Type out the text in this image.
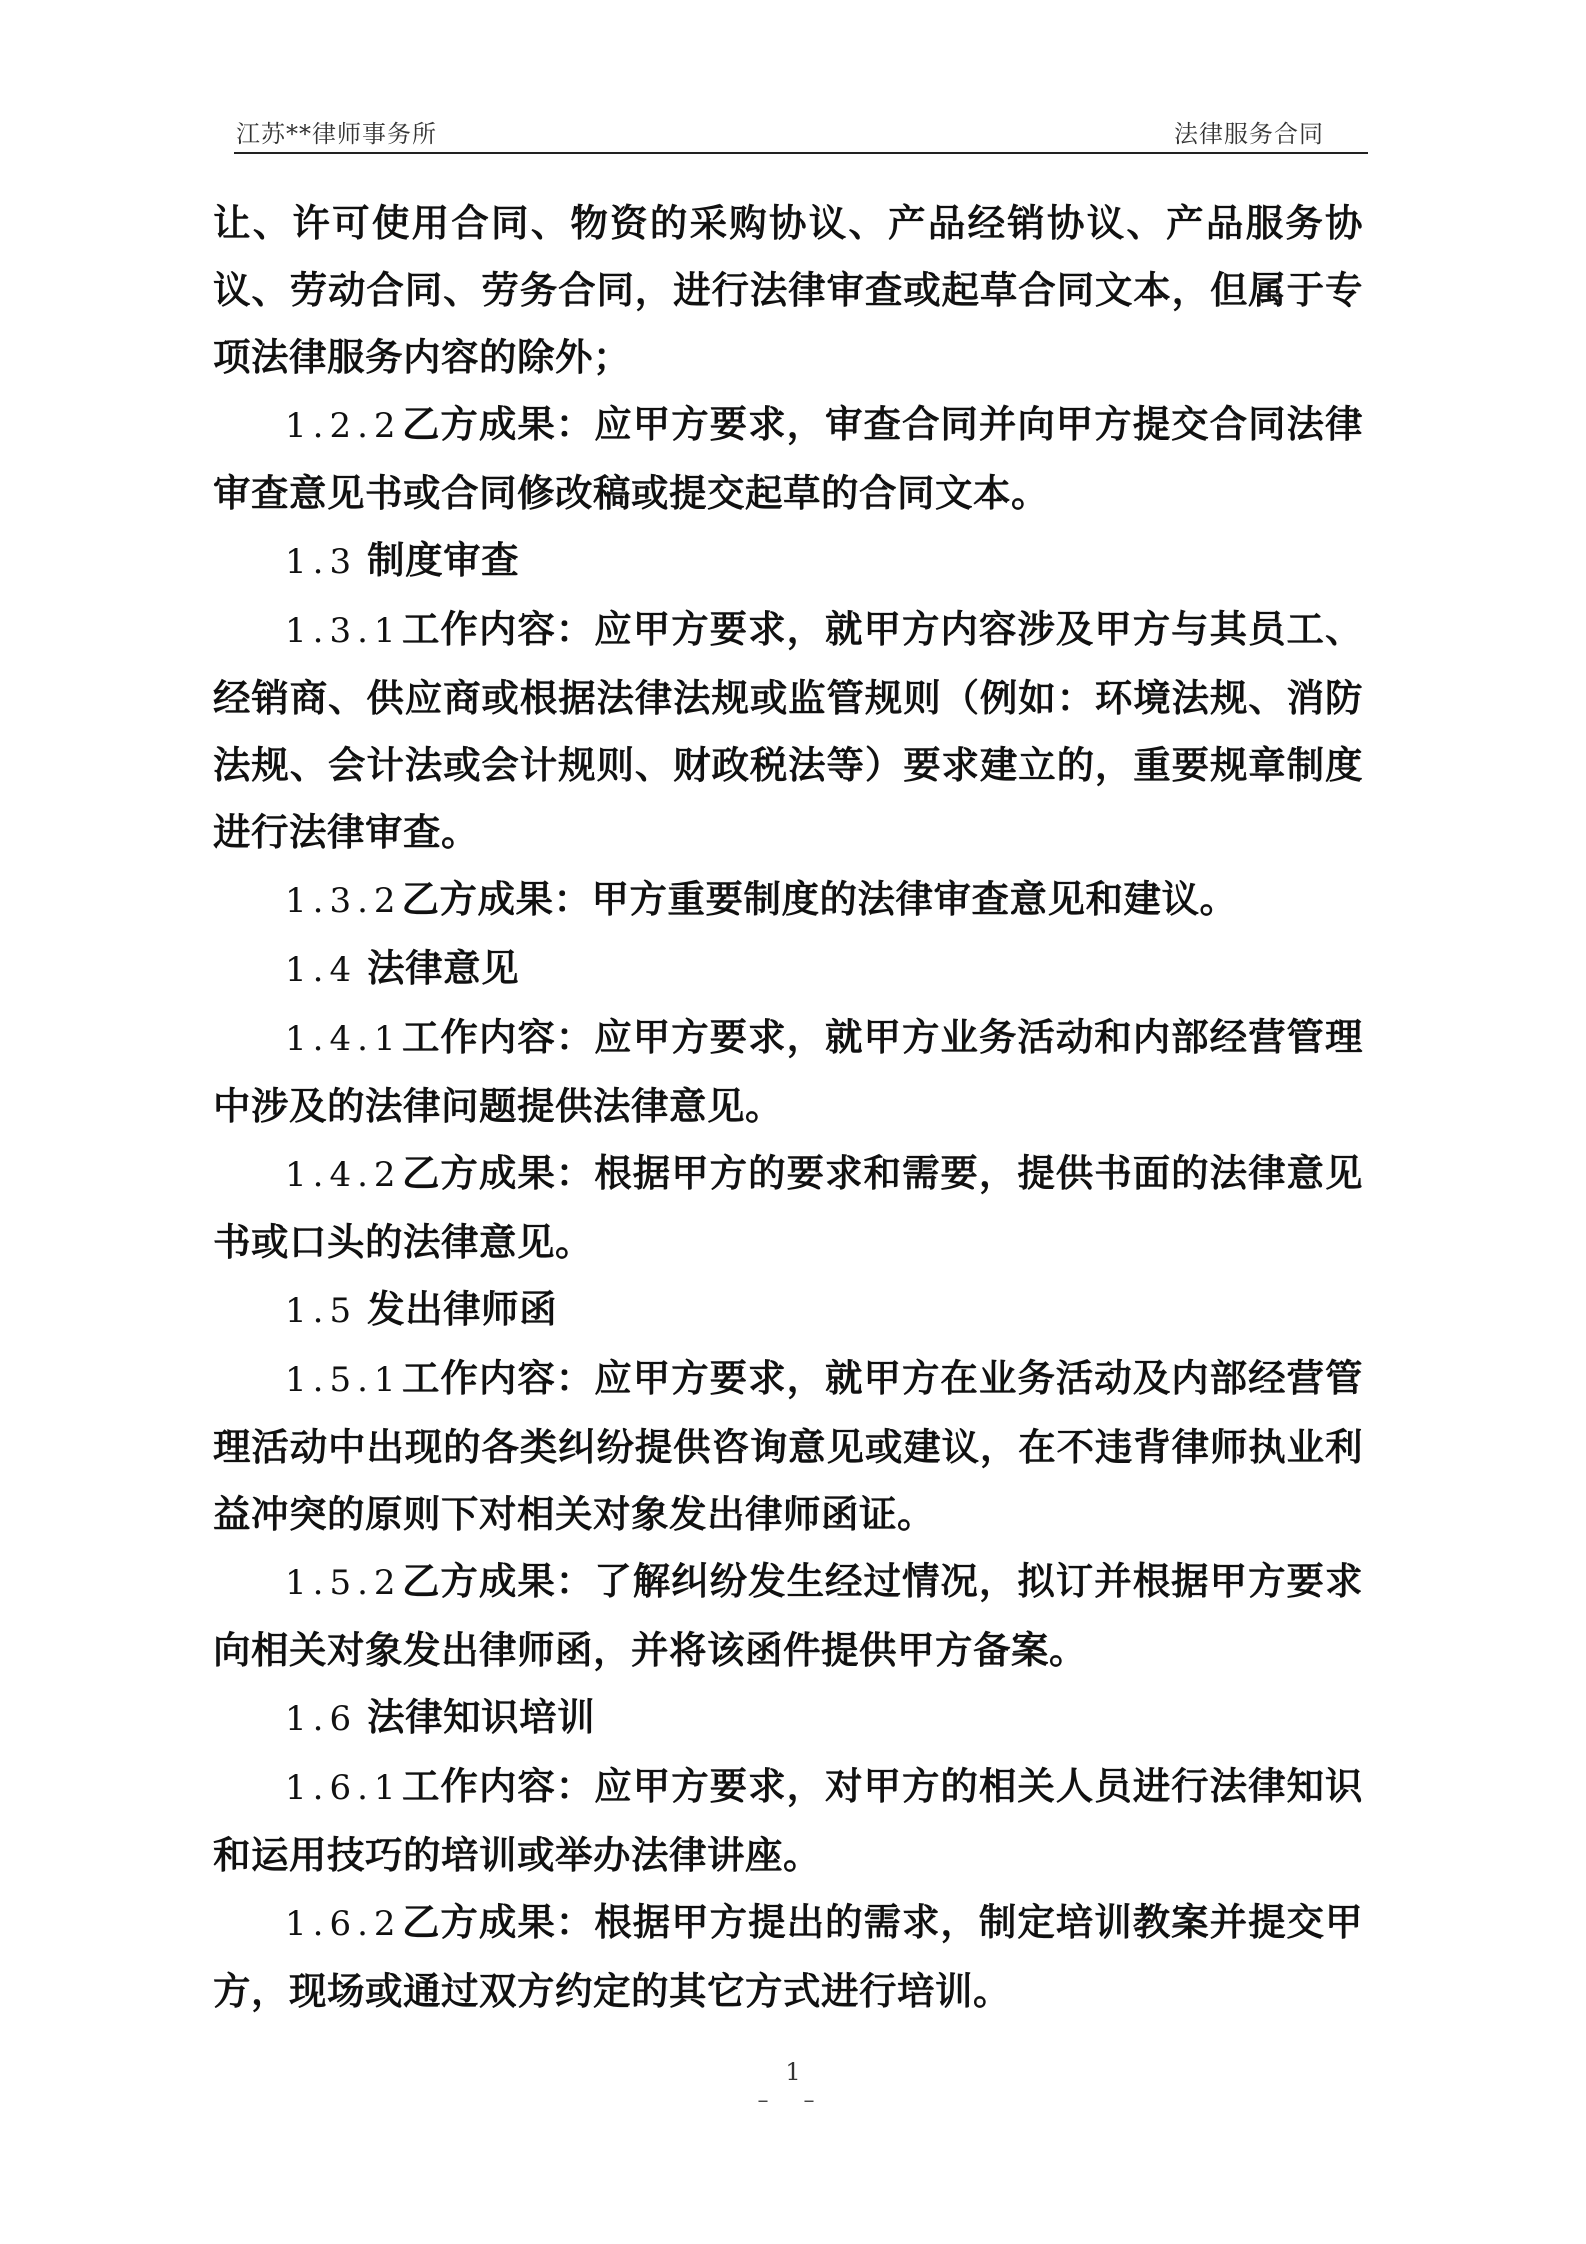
江苏**律师事务所	法律服务合同

让、许可使用合同、物资的采购协议、产品经销协议、产品服务协议、劳动合同、劳务合同，进行法律审查或起草合同文本，但属于专项法律服务内容的除外；

1.2.2乙方成果：应甲方要求，审查合同并向甲方提交合同法律审查意见书或合同修改稿或提交起草的合同文本。

1.3 制度审查

1.3.1工作内容：应甲方要求，就甲方内容涉及甲方与其员工、经销商、供应商或根据法律法规或监管规则（例如：环境法规、消防法规、会计法或会计规则、财政税法等）要求建立的，重要规章制度进行法律审查。

1.3.2乙方成果：甲方重要制度的法律审查意见和建议。

1.4 法律意见

1.4.1工作内容：应甲方要求，就甲方业务活动和内部经营管理中涉及的法律问题提供法律意见。

1.4.2乙方成果：根据甲方的要求和需要，提供书面的法律意见书或口头的法律意见。

1.5 发出律师函

1.5.1工作内容：应甲方要求，就甲方在业务活动及内部经营管理活动中出现的各类纠纷提供咨询意见或建议，在不违背律师执业利益冲突的原则下对相关对象发出律师函证。

1.5.2乙方成果：了解纠纷发生经过情况，拟订并根据甲方要求向相关对象发出律师函，并将该函件提供甲方备案。

1.6 法律知识培训

1.6.1工作内容：应甲方要求，对甲方的相关人员进行法律知识和运用技巧的培训或举办法律讲座。

1.6.2乙方成果：根据甲方提出的需求，制定培训教案并提交甲方，现场或通过双方约定的其它方式进行培训。

1
– –
